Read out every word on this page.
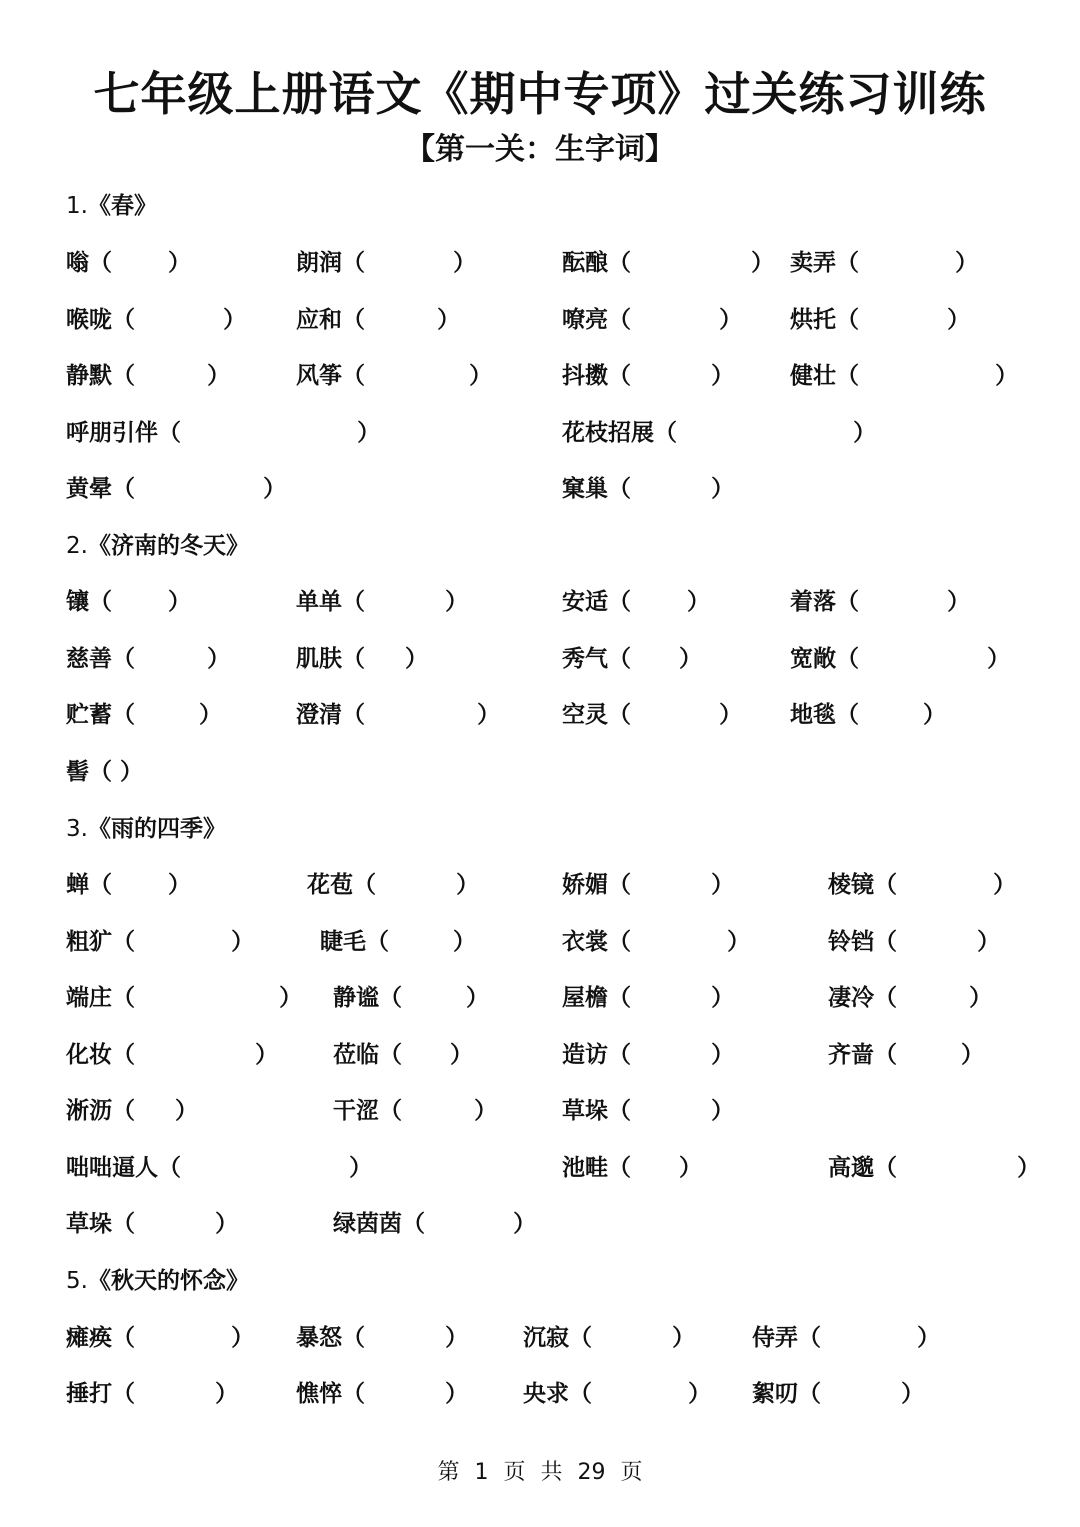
七年级上册语文《期中专项》过关练习训练
【第一关：生字词】
1.《春》
嗡（       ）	朗润（           ）	酝酿（               ） 卖弄（            ）
喉咙（           ） 应和（         ）	嘹亮（           ） 烘托（           ）
静默（         ）	风筝（             ）	抖擞（          ） 健壮（                 ）
呼朋引伴（                      ）	花枝招展（                      ）
黄晕（                ）	窠巢（          ）
2.《济南的冬天》
镶（       ）	单单（          ）	安适（       ）	着落（           ）
慈善（         ）	肌肤（     ）	秀气（      ）	宽敞（                ）
贮蓄（        ）	澄清（              ）	空灵（           ） 地毯（        ）
髻（ ）
3.《雨的四季》
蝉（       ）	花苞（          ）	娇媚（          ）	棱镜（            ）
粗犷（            ）	睫毛（        ）	衣裳（            ）	铃铛（          ）
端庄（                  ） 静谧（        ）	屋檐（          ）	凄冷（         ）
化妆（               ） 莅临（      ）	造访（          ）	齐啬（        ）
淅沥（     ）	干涩（         ）	草垛（          ）
咄咄逼人（                     ）	池畦（      ）	高邈（               ）
草垛（          ）	绿茵茵（           ）
5.《秋天的怀念》
瘫痪（            ） 暴怒（          ） 沉寂（          ） 侍弄（            ）
捶打（          ）	憔悴（          ） 央求（            ） 絮叨（          ）
第 1 页 共 29 页
